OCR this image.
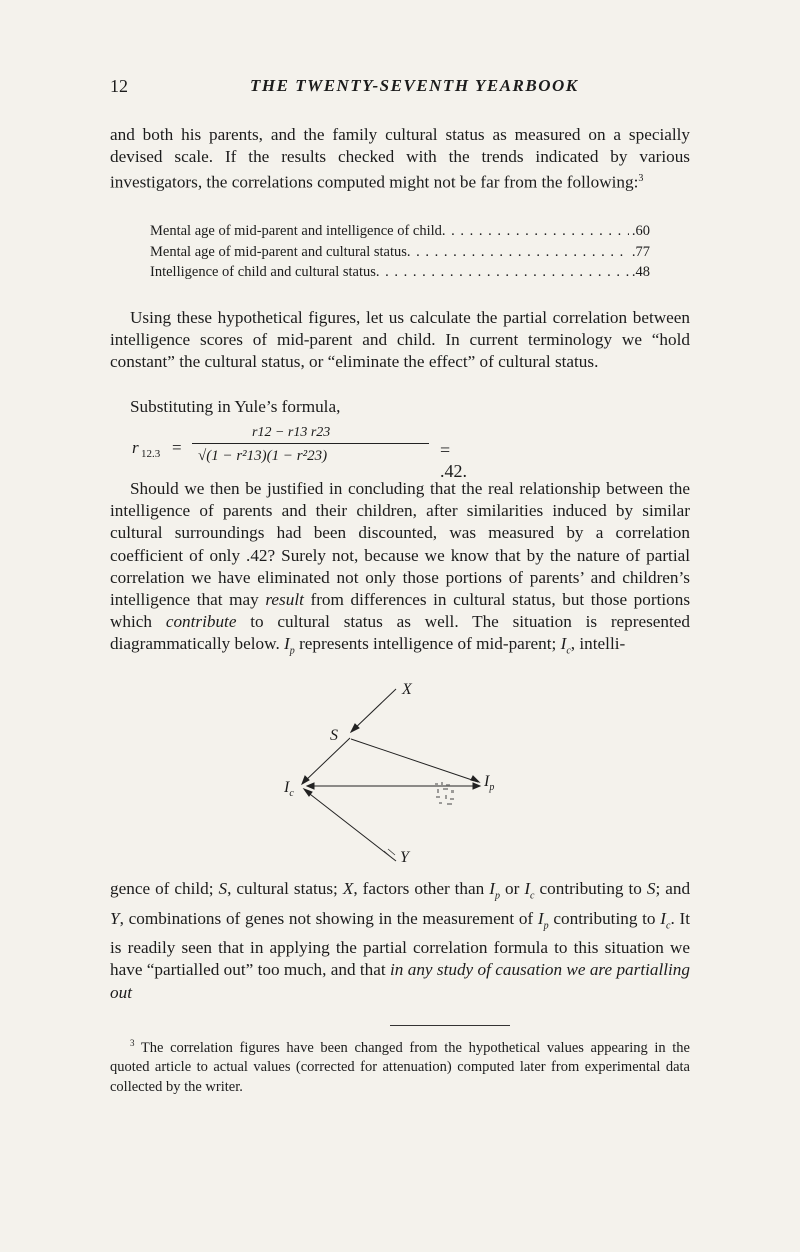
12	THE TWENTY-SEVENTH YEARBOOK

and both his parents, and the family cultural status as measured on a specially devised scale. If the results checked with the trends indicated by various investigators, the correlations computed might not be far from the following:$^3$

Mental age of mid-parent and intelligence of child . . .	.60
Mental age of mid-parent and cultural status . . .	.77
Intelligence of child and cultural status . . .	.48

Using these hypothetical figures, let us calculate the partial correlation between intelligence scores of mid-parent and child. In current terminology we “hold constant” the cultural status, or “eliminate the effect” of cultural status.

Substituting in Yule’s formula,

r 12.3 =
r12 − r13 r23
√(1 − r²13)(1 − r²23)	= .42.

Should we then be justified in concluding that the real relationship between the intelligence of parents and their children, after similarities induced by similar cultural surroundings had been discounted, was measured by a correlation coefficient of only .42? Surely not, because we know that by the nature of partial correlation we have eliminated not only those portions of parents’ and children’s intelligence that may result from differences in cultural status, but those portions which contribute to cultural status as well. The situation is represented diagrammatically below. $I_p$ represents intelligence of mid-parent; $I_c$, intelli-

X
S
$I_c$
$I_p$
Y

gence of child; S, cultural status; X, factors other than $I_p$ or $I_c$ contributing to S; and Y, combinations of genes not showing in the measurement of $I_p$ contributing to $I_c$. It is readily seen that in applying the partial correlation formula to this situation we have “partialled out” too much, and that in any study of causation we are partialling out

$^3$ The correlation figures have been changed from the hypothetical values appearing in the quoted article to actual values (corrected for attenuation) computed later from experimental data collected by the writer.
